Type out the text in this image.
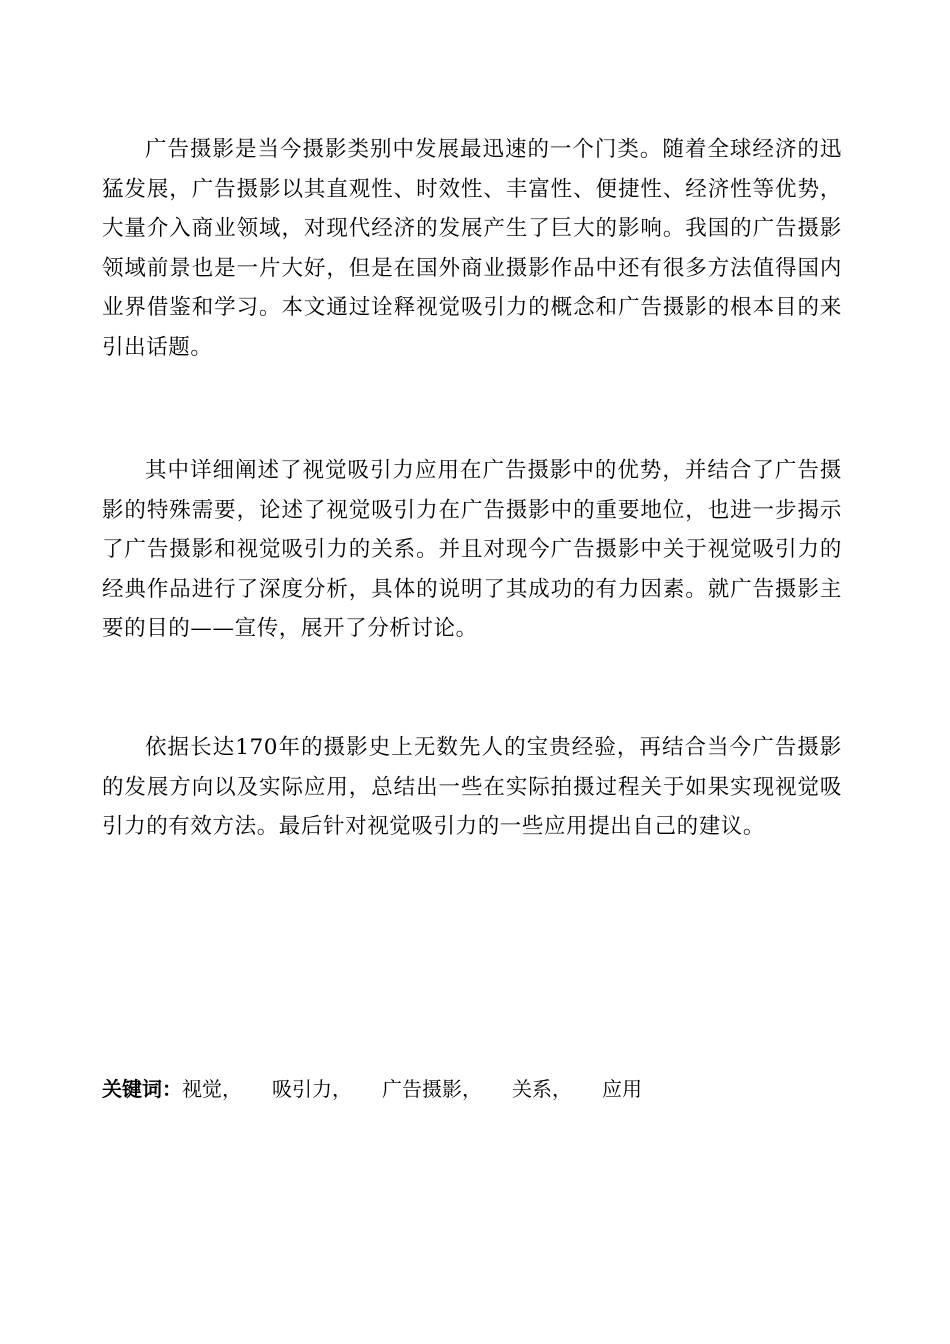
广告摄影是当今摄影类别中发展最迅速的一个门类。随着全球经济的迅猛发展，广告摄影以其直观性、时效性、丰富性、便捷性、经济性等优势，大量介入商业领域，对现代经济的发展产生了巨大的影响。我国的广告摄影领域前景也是一片大好，但是在国外商业摄影作品中还有很多方法值得国内业界借鉴和学习。本文通过诠释视觉吸引力的概念和广告摄影的根本目的来引出话题。

其中详细阐述了视觉吸引力应用在广告摄影中的优势，并结合了广告摄影的特殊需要，论述了视觉吸引力在广告摄影中的重要地位，也进一步揭示了广告摄影和视觉吸引力的关系。并且对现今广告摄影中关于视觉吸引力的经典作品进行了深度分析，具体的说明了其成功的有力因素。就广告摄影主要的目的——宣传，展开了分析讨论。

依据长达170年的摄影史上无数先人的宝贵经验，再结合当今广告摄影的发展方向以及实际应用，总结出一些在实际拍摄过程关于如果实现视觉吸引力的有效方法。最后针对视觉吸引力的一些应用提出自己的建议。

关键词：视觉， 吸引力， 广告摄影， 关系， 应用
